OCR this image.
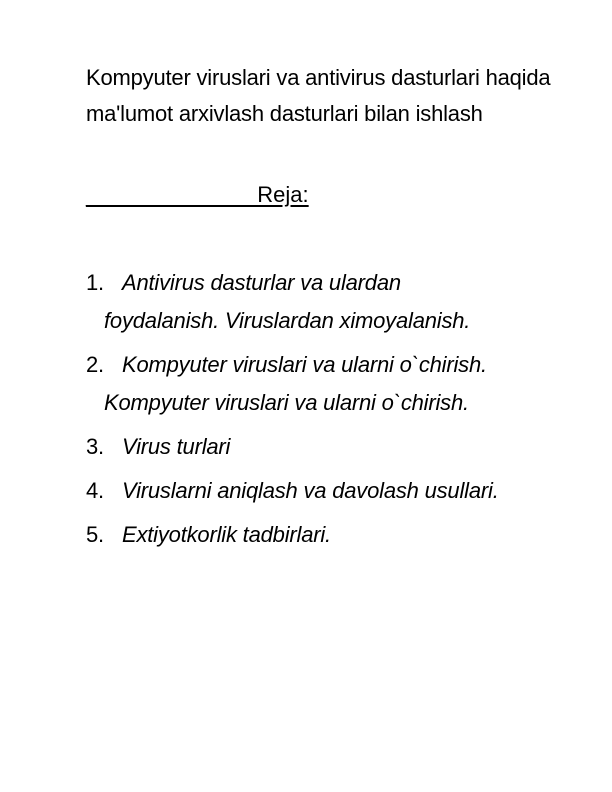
Kompyuter viruslari va antivirus dasturlari haqida ma'lumot arxivlash dasturlari bilan ishlash

______________Reja:
1. Antivirus dasturlar va ulardan
foydalanish. Viruslardan ximoyalanish.
2. Kompyuter viruslari va ularni o`chirish.
Kompyuter viruslari va ularni o`chirish.
3. Virus turlari
4. Viruslarni aniqlash va davolash usullari.
5. Extiyotkorlik tadbirlari.
